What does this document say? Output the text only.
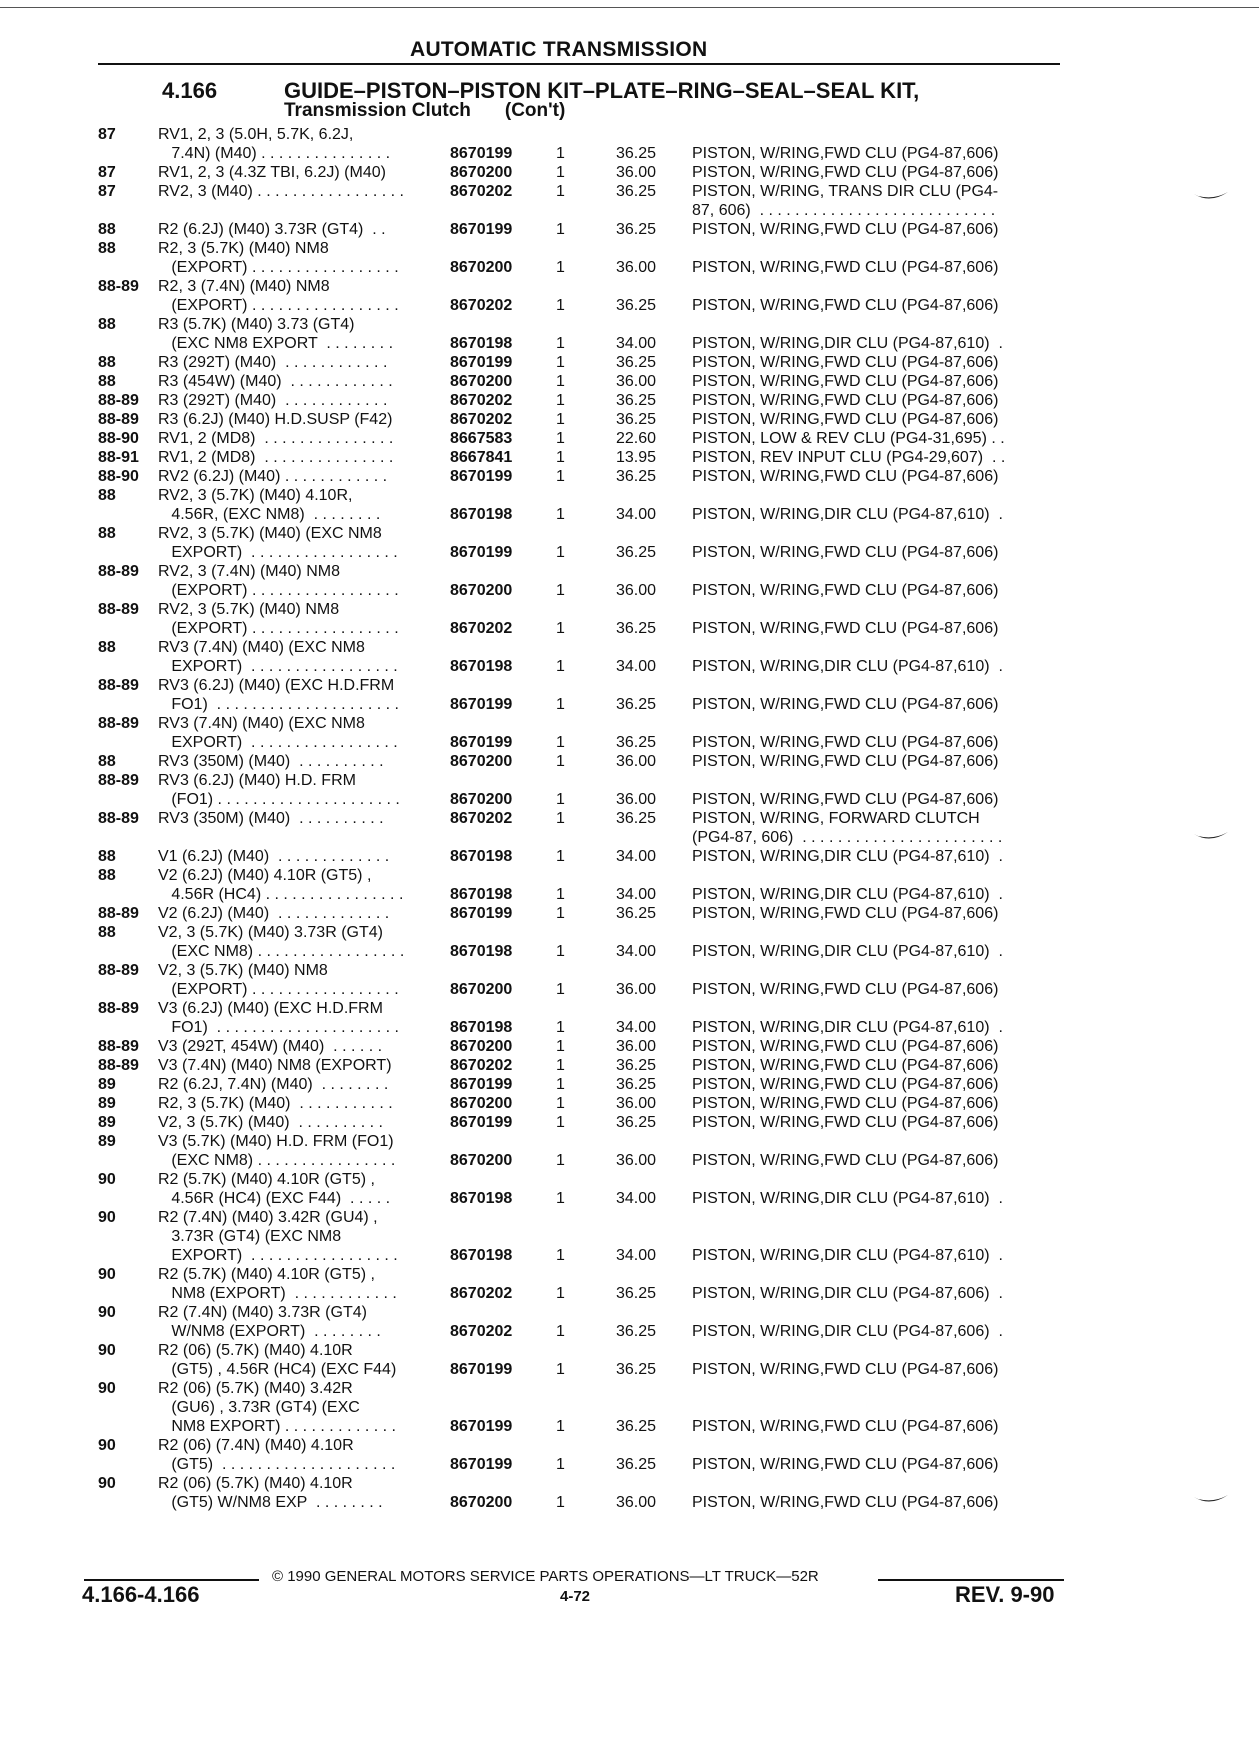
AUTOMATIC TRANSMISSION
4.166	GUIDE–PISTON–PISTON KIT–PLATE–RING–SEAL–SEAL KIT,
Transmission Clutch (Con't)
87	RV1, 2, 3 (5.0H, 5.7K, 6.2J,
7.4N) (M40) . . . . . . . . . . . . . . .	8670199	1	36.25 PISTON, W/RING,FWD CLU (PG4-87,606)
87	RV1, 2, 3 (4.3Z TBI, 6.2J) (M40)	8670200	1	36.00 PISTON, W/RING,FWD CLU (PG4-87,606)
87	RV2, 3 (M40) . . . . . . . . . . . . . . . . .	8670202	1	36.25 PISTON, W/RING, TRANS DIR CLU (PG4-
87, 606)  . . . . . . . . . . . . . . . . . . . . . . . . . . .
88	R2 (6.2J) (M40) 3.73R (GT4)  . .	8670199	1	36.25 PISTON, W/RING,FWD CLU (PG4-87,606)
88	R2, 3 (5.7K) (M40) NM8
(EXPORT) . . . . . . . . . . . . . . . . .	8670200	1	36.00 PISTON, W/RING,FWD CLU (PG4-87,606)
88-89 R2, 3 (7.4N) (M40) NM8
(EXPORT) . . . . . . . . . . . . . . . . .	8670202	1	36.25 PISTON, W/RING,FWD CLU (PG4-87,606)
88	R3 (5.7K) (M40) 3.73 (GT4)
(EXC NM8 EXPORT  . . . . . . . .	8670198	1	34.00 PISTON, W/RING,DIR CLU (PG4-87,610)  .
88	R3 (292T) (M40)  . . . . . . . . . . . .	8670199	1	36.25 PISTON, W/RING,FWD CLU (PG4-87,606)
88	R3 (454W) (M40)  . . . . . . . . . . . .	8670200	1	36.00 PISTON, W/RING,FWD CLU (PG4-87,606)
88-89 R3 (292T) (M40)  . . . . . . . . . . . .	8670202	1	36.25 PISTON, W/RING,FWD CLU (PG4-87,606)
88-89 R3 (6.2J) (M40) H.D.SUSP (F42)	8670202	1	36.25 PISTON, W/RING,FWD CLU (PG4-87,606)
88-90 RV1, 2 (MD8)  . . . . . . . . . . . . . . .	8667583	1	22.60 PISTON, LOW & REV CLU (PG4-31,695) . .
88-91 RV1, 2 (MD8)  . . . . . . . . . . . . . . .	8667841	1	13.95 PISTON, REV INPUT CLU (PG4-29,607)  . .
88-90 RV2 (6.2J) (M40) . . . . . . . . . . . .	8670199	1	36.25 PISTON, W/RING,FWD CLU (PG4-87,606)
88	RV2, 3 (5.7K) (M40) 4.10R,
4.56R, (EXC NM8)  . . . . . . . .	8670198	1	34.00 PISTON, W/RING,DIR CLU (PG4-87,610)  .
88	RV2, 3 (5.7K) (M40) (EXC NM8
EXPORT)  . . . . . . . . . . . . . . . . .	8670199	1	36.25 PISTON, W/RING,FWD CLU (PG4-87,606)
88-89 RV2, 3 (7.4N) (M40) NM8
(EXPORT) . . . . . . . . . . . . . . . . .	8670200	1	36.00 PISTON, W/RING,FWD CLU (PG4-87,606)
88-89 RV2, 3 (5.7K) (M40) NM8
(EXPORT) . . . . . . . . . . . . . . . . .	8670202	1	36.25 PISTON, W/RING,FWD CLU (PG4-87,606)
88	RV3 (7.4N) (M40) (EXC NM8
EXPORT)  . . . . . . . . . . . . . . . . .	8670198	1	34.00 PISTON, W/RING,DIR CLU (PG4-87,610)  .
88-89 RV3 (6.2J) (M40) (EXC H.D.FRM
FO1)  . . . . . . . . . . . . . . . . . . . . .	8670199	1	36.25 PISTON, W/RING,FWD CLU (PG4-87,606)
88-89 RV3 (7.4N) (M40) (EXC NM8
EXPORT)  . . . . . . . . . . . . . . . . .	8670199	1	36.25 PISTON, W/RING,FWD CLU (PG4-87,606)
88	RV3 (350M) (M40)  . . . . . . . . . .	8670200	1	36.00 PISTON, W/RING,FWD CLU (PG4-87,606)
88-89 RV3 (6.2J) (M40) H.D. FRM
(FO1) . . . . . . . . . . . . . . . . . . . . .	8670200	1	36.00 PISTON, W/RING,FWD CLU (PG4-87,606)
88-89 RV3 (350M) (M40)  . . . . . . . . . .	8670202	1	36.25 PISTON, W/RING, FORWARD CLUTCH
(PG4-87, 606)  . . . . . . . . . . . . . . . . . . . . . . .
88	V1 (6.2J) (M40)  . . . . . . . . . . . . .	8670198	1	34.00 PISTON, W/RING,DIR CLU (PG4-87,610)  .
88	V2 (6.2J) (M40) 4.10R (GT5) ,
4.56R (HC4) . . . . . . . . . . . . . . . .	8670198	1	34.00 PISTON, W/RING,DIR CLU (PG4-87,610)  .
88-89 V2 (6.2J) (M40)  . . . . . . . . . . . . .	8670199	1	36.25 PISTON, W/RING,FWD CLU (PG4-87,606)
88	V2, 3 (5.7K) (M40) 3.73R (GT4)
(EXC NM8) . . . . . . . . . . . . . . . . .	8670198	1	34.00 PISTON, W/RING,DIR CLU (PG4-87,610)  .
88-89 V2, 3 (5.7K) (M40) NM8
(EXPORT) . . . . . . . . . . . . . . . . .	8670200	1	36.00 PISTON, W/RING,FWD CLU (PG4-87,606)
88-89 V3 (6.2J) (M40) (EXC H.D.FRM
FO1)  . . . . . . . . . . . . . . . . . . . . .	8670198	1	34.00 PISTON, W/RING,DIR CLU (PG4-87,610)  .
88-89 V3 (292T, 454W) (M40)  . . . . . .	8670200	1	36.00 PISTON, W/RING,FWD CLU (PG4-87,606)
88-89 V3 (7.4N) (M40) NM8 (EXPORT)	8670202	1	36.25 PISTON, W/RING,FWD CLU (PG4-87,606)
89	R2 (6.2J, 7.4N) (M40)  . . . . . . . .	8670199	1	36.25 PISTON, W/RING,FWD CLU (PG4-87,606)
89	R2, 3 (5.7K) (M40)  . . . . . . . . . . .	8670200	1	36.00 PISTON, W/RING,FWD CLU (PG4-87,606)
89	V2, 3 (5.7K) (M40)  . . . . . . . . . .	8670199	1	36.25 PISTON, W/RING,FWD CLU (PG4-87,606)
89	V3 (5.7K) (M40) H.D. FRM (FO1)
(EXC NM8) . . . . . . . . . . . . . . . .	8670200	1	36.00 PISTON, W/RING,FWD CLU (PG4-87,606)
90	R2 (5.7K) (M40) 4.10R (GT5) ,
4.56R (HC4) (EXC F44)  . . . . .	8670198	1	34.00 PISTON, W/RING,DIR CLU (PG4-87,610)  .
90	R2 (7.4N) (M40) 3.42R (GU4) ,
3.73R (GT4) (EXC NM8
EXPORT)  . . . . . . . . . . . . . . . . .	8670198	1	34.00 PISTON, W/RING,DIR CLU (PG4-87,610)  .
90	R2 (5.7K) (M40) 4.10R (GT5) ,
NM8 (EXPORT)  . . . . . . . . . . . .	8670202	1	36.25 PISTON, W/RING,DIR CLU (PG4-87,606)  .
90	R2 (7.4N) (M40) 3.73R (GT4)
W/NM8 (EXPORT)  . . . . . . . .	8670202	1	36.25 PISTON, W/RING,DIR CLU (PG4-87,606)  .
90	R2 (06) (5.7K) (M40) 4.10R
(GT5) , 4.56R (HC4) (EXC F44)	8670199	1	36.25 PISTON, W/RING,FWD CLU (PG4-87,606)
90	R2 (06) (5.7K) (M40) 3.42R
(GU6) , 3.73R (GT4) (EXC
NM8 EXPORT) . . . . . . . . . . . . .	8670199	1	36.25 PISTON, W/RING,FWD CLU (PG4-87,606)
90	R2 (06) (7.4N) (M40) 4.10R
(GT5)  . . . . . . . . . . . . . . . . . . . .	8670199	1	36.25 PISTON, W/RING,FWD CLU (PG4-87,606)
90	R2 (06) (5.7K) (M40) 4.10R
(GT5) W/NM8 EXP  . . . . . . . .	8670200	1	36.00 PISTON, W/RING,FWD CLU (PG4-87,606)
© 1990 GENERAL MOTORS SERVICE PARTS OPERATIONS—LT TRUCK—52R
4.166-4.166	4-72	REV. 9-90
